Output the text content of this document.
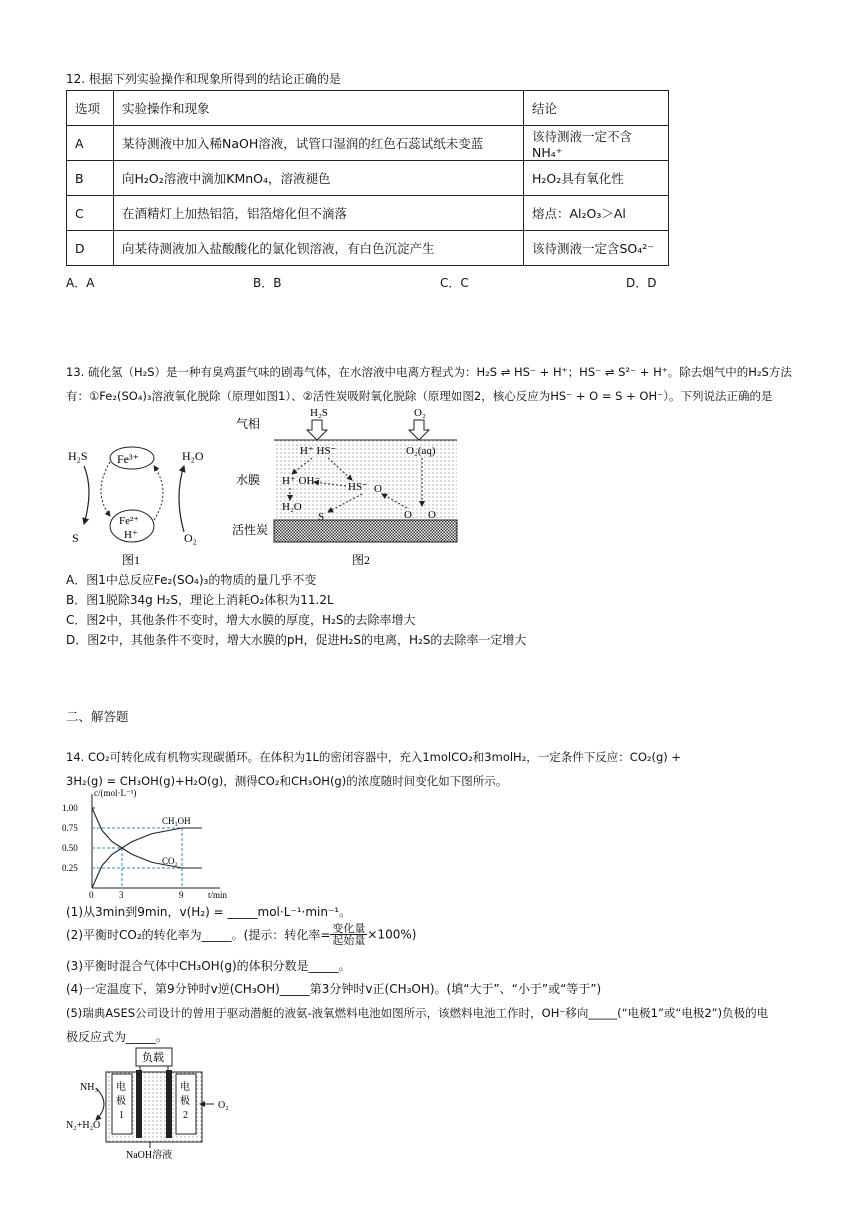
12. 根据下列实验操作和现象所得到的结论正确的是
选项	实验操作和现象	结论
A	某待测液中加入稀NaOH溶液，试管口湿润的红色石蕊试纸未变蓝	该待测液一定不含NH₄⁺
B	向H₂O₂溶液中滴加KMnO₄，溶液褪色	H₂O₂具有氧化性
C	在酒精灯上加热铝箔，铝箔熔化但不滴落	熔点：Al₂O₃＞Al
D	向某待测液加入盐酸酸化的氯化钡溶液，有白色沉淀产生	该待测液一定含SO₄²⁻
A．A	B．B	C．C	D．D
13. 硫化氢（H₂S）是一种有臭鸡蛋气味的剧毒气体，在水溶液中电离方程式为：H₂S ⇌ HS⁻ + H⁺；HS⁻ ⇌ S²⁻ + H⁺。除去烟气中的H₂S方法
有：①Fe₂(SO₄)₃溶液氧化脱除（原理如图1）、②活性炭吸附氧化脱除（原理如图2，核心反应为HS⁻ + O = S + OH⁻）。下列说法正确的是
H₂S
S
H₂O
O₂
Fe³⁺
Fe²⁺
H⁺
图1
气相
水膜
活性炭
H₂S	O₂
H⁺ HS⁻	O₂(aq)
H⁺ OH⁻	HS⁻ O
H₂O
S	O O
图2
A．图1中总反应Fe₂(SO₄)₃的物质的量几乎不变
B．图1脱除34g H₂S，理论上消耗O₂体积为11.2L
C．图2中，其他条件不变时，增大水膜的厚度，H₂S的去除率增大
D．图2中，其他条件不变时，增大水膜的pH，促进H₂S的电离，H₂S的去除率一定增大
二、解答题
14. CO₂可转化成有机物实现碳循环。在体积为1L的密闭容器中，充入1molCO₂和3molH₂，一定条件下反应：CO₂(g) +
3H₂(g) = CH₃OH(g)+H₂O(g)，测得CO₂和CH₃OH(g)的浓度随时间变化如下图所示。
c/(mol·L⁻¹)
t/min
0.25
0.50
0.75
1.00
0	3	9
CH₃OH
CO₂
(1)从3min到9min，v(H₂) = _____mol·L⁻¹·min⁻¹。
(2)平衡时CO₂的转化率为_____。(提示：转化率= 变化量
起始量 ×100%)
(3)平衡时混合气体中CH₃OH(g)的体积分数是_____。
(4)一定温度下，第9分钟时v逆(CH₃OH)_____第3分钟时v正(CH₃OH)。(填“大于”、“小于”或“等于”)
(5)瑞典ASES公司设计的曾用于驱动潜艇的液氨-液氧燃料电池如图所示，该燃料电池工作时，OH⁻移向_____(“电极1”或“电极2”)负极的电
极反应式为_____。
负载
电
极
1
电
极
2
NH₃
N₂+H₂O
O₂
NaOH溶液
